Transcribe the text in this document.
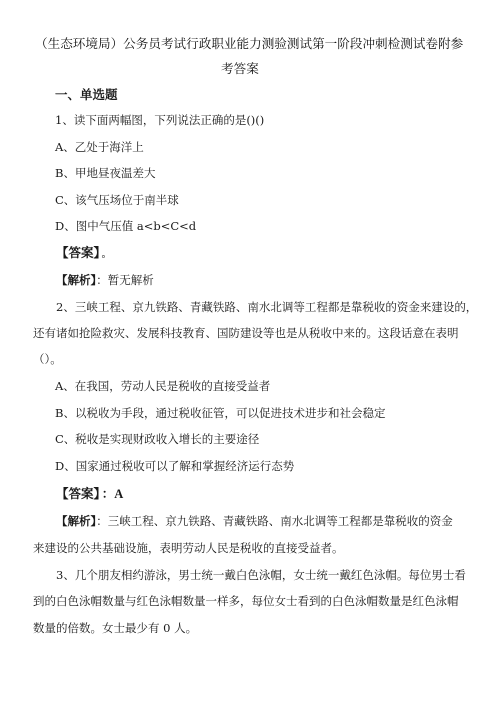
（生态环境局）公务员考试行政职业能力测验测试第一阶段冲刺检测试卷附参
考答案
一、单选题
1、读下面两幅图，下列说法正确的是()()
A、乙处于海洋上
B、甲地昼夜温差大
C、该气压场位于南半球
D、图中气压值 a<b<C<d
【答案】 。
【解析】：暂无解析
2、三峡工程、京九铁路、青藏铁路、南水北调等工程都是靠税收的资金来建设的，
还有诸如抢险救灾、发展科技教育、国防建设等也是从税收中来的。这段话意在表明
（）。
A、在我国，劳动人民是税收的直接受益者
B、以税收为手段，通过税收征管，可以促进技术进步和社会稳定
C、税收是实现财政收入增长的主要途径
D、国家通过税收可以了解和掌握经济运行态势
【答案】 ：A
【解析】：三峡工程、京九铁路、青藏铁路、南水北调等工程都是靠税收的资金
来建设的公共基础设施，表明劳动人民是税收的直接受益者。
3、几个朋友相约游泳，男士统一戴白色泳帽，女士统一戴红色泳帽。每位男士看
到的白色泳帽数量与红色泳帽数量一样多，每位女士看到的白色泳帽数量是红色泳帽
数量的倍数。女士最少有 0 人。
